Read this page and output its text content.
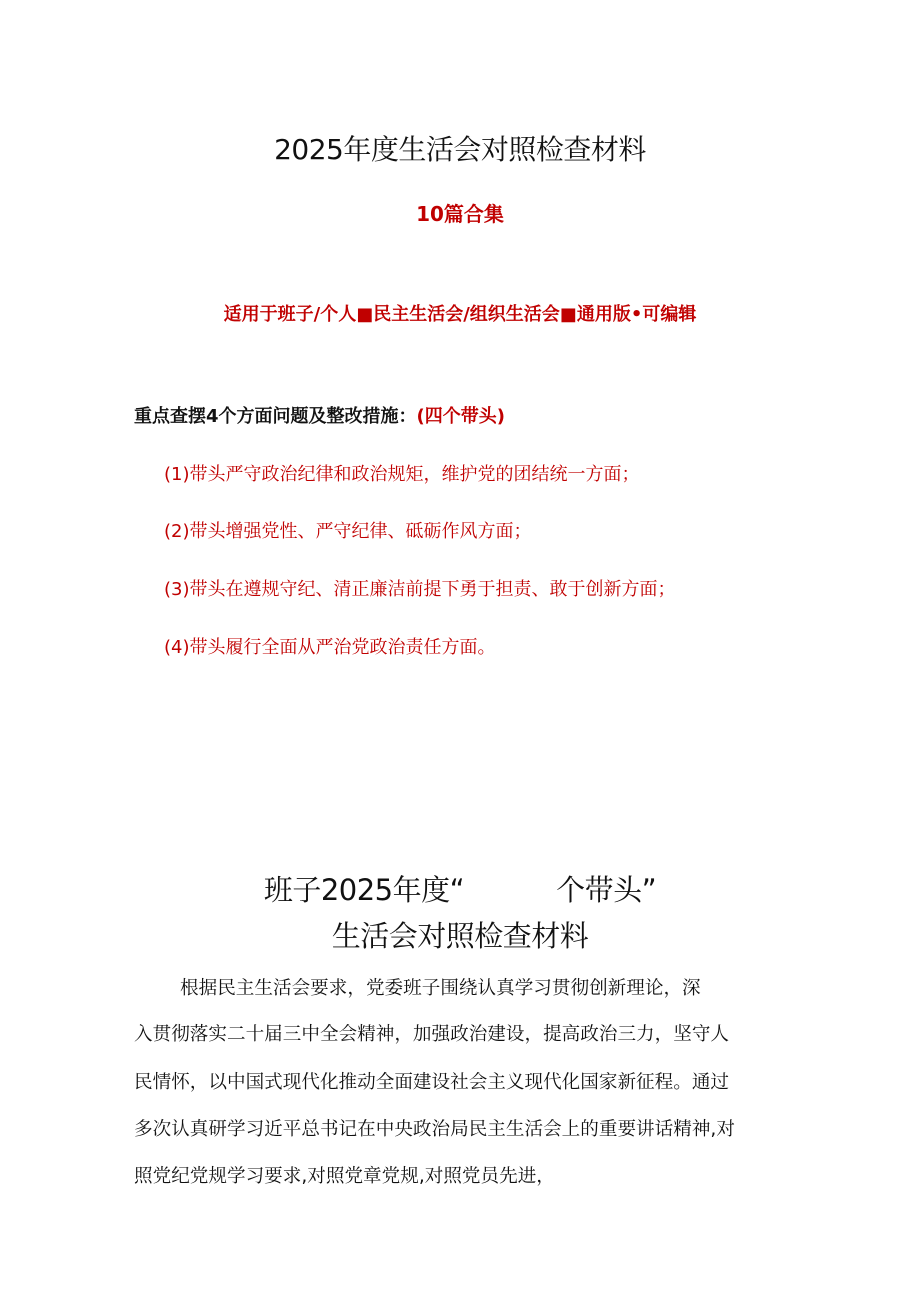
2025年度生活会对照检查材料
10篇合集
适用于班子/个人■民主生活会/组织生活会■通用版•可编辑
重点查摆4个方面问题及整改措施：(四个带头)
(1)带头严守政治纪律和政治规矩，维护党的团结统一方面；
(2)带头增强党性、严守纪律、砥砺作风方面；
(3)带头在遵规守纪、清正廉洁前提下勇于担责、敢于创新方面；
(4)带头履行全面从严治党政治责任方面。
班子2025年度“	个带头”
生活会对照检查材料
根据民主生活会要求，党委班子围绕认真学习贯彻创新理论，深
入贯彻落实二十届三中全会精神，加强政治建设，提高政治三力，坚守人
民情怀，以中国式现代化推动全面建设社会主义现代化国家新征程。通过
多次认真研学习近平总书记在中央政治局民主生活会上的重要讲话精神,对
照党纪党规学习要求,对照党章党规,对照党员先进，
